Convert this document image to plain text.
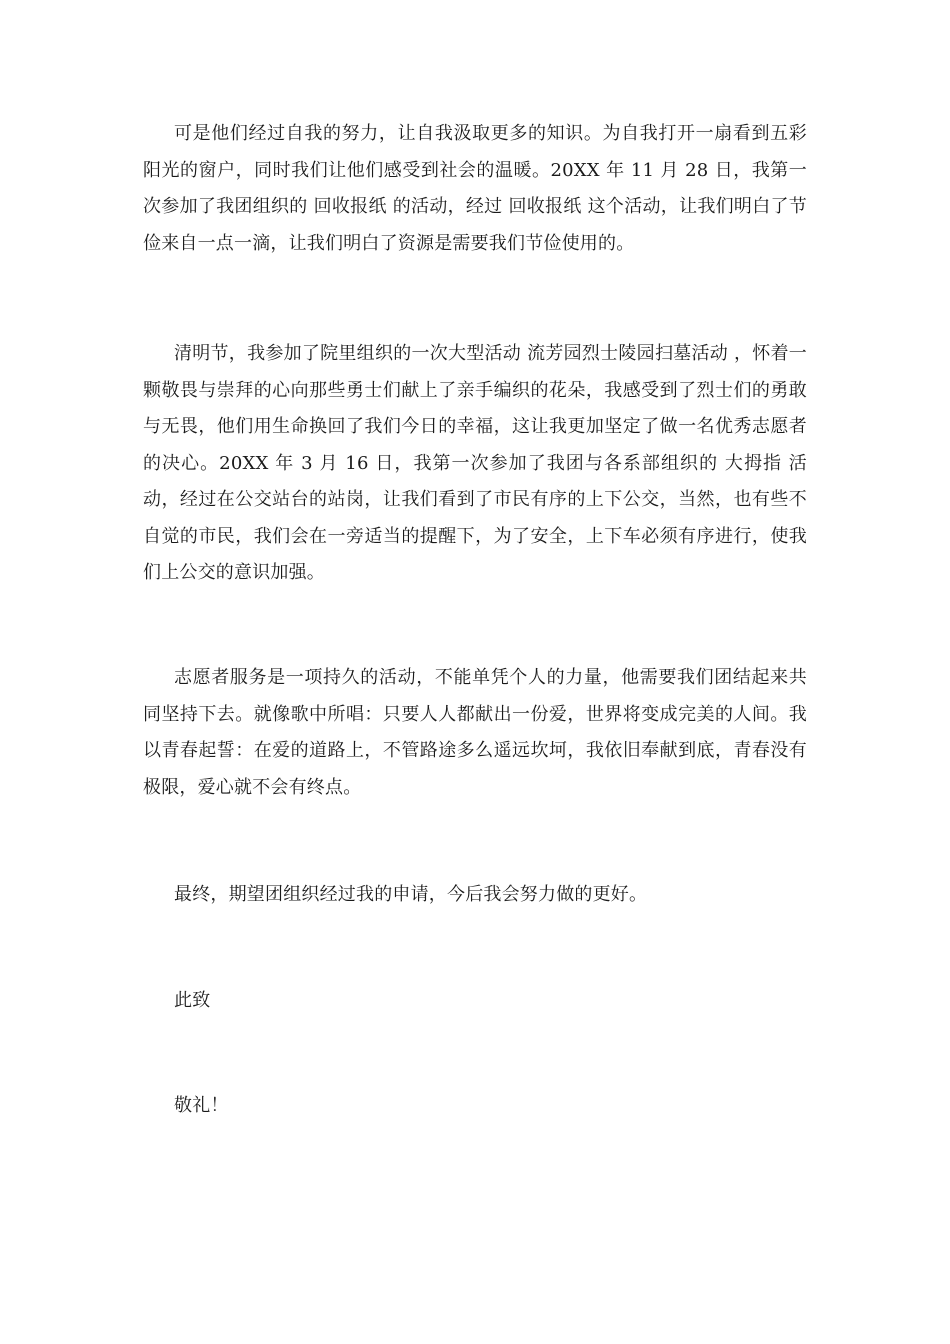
可是他们经过自我的努力，让自我汲取更多的知识。为自我打开一扇看到五彩阳光的窗户，同时我们让他们感受到社会的温暖。20XX 年 11 月 28 日，我第一次参加了我团组织的 回收报纸 的活动，经过 回收报纸 这个活动，让我们明白了节俭来自一点一滴，让我们明白了资源是需要我们节俭使用的。

清明节，我参加了院里组织的一次大型活动 流芳园烈士陵园扫墓活动 ，怀着一颗敬畏与崇拜的心向那些勇士们献上了亲手编织的花朵，我感受到了烈士们的勇敢与无畏，他们用生命换回了我们今日的幸福，这让我更加坚定了做一名优秀志愿者的决心。20XX 年 3 月 16 日，我第一次参加了我团与各系部组织的 大拇指 活动，经过在公交站台的站岗，让我们看到了市民有序的上下公交，当然，也有些不自觉的市民，我们会在一旁适当的提醒下，为了安全，上下车必须有序进行，使我们上公交的意识加强。

志愿者服务是一项持久的活动，不能单凭个人的力量，他需要我们团结起来共同坚持下去。就像歌中所唱：只要人人都献出一份爱，世界将变成完美的人间。我以青春起誓：在爱的道路上，不管路途多么遥远坎坷，我依旧奉献到底，青春没有极限，爱心就不会有终点。

最终，期望团组织经过我的申请，今后我会努力做的更好。

此致

敬礼！
